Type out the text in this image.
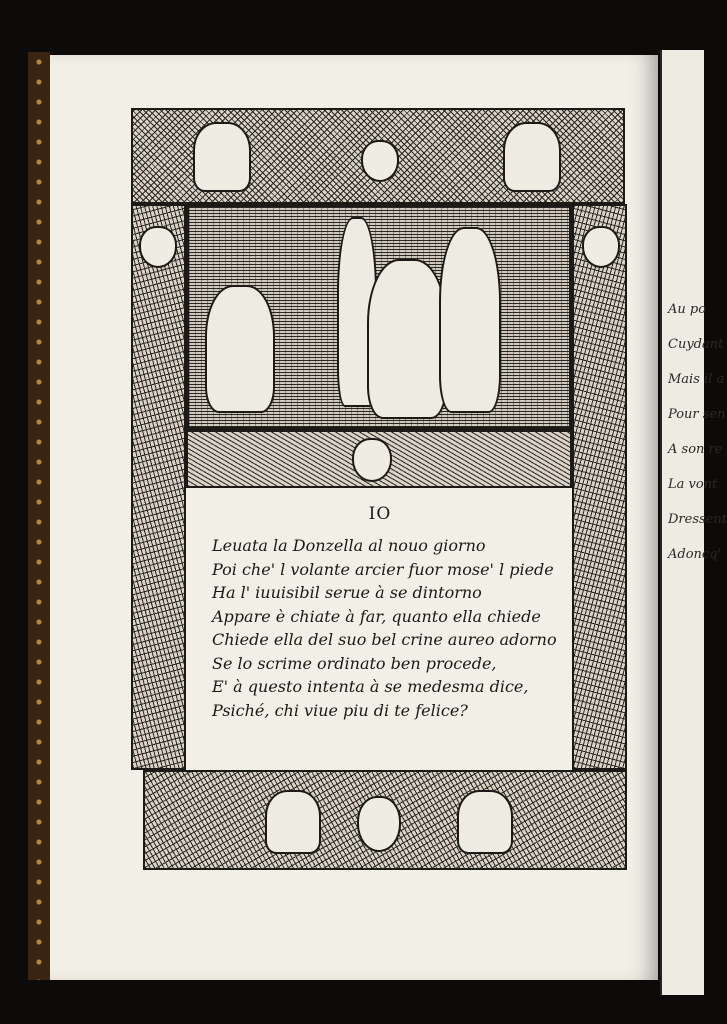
Au po
Cuydant
Mais il a
Pour sen
A son re
La vont
Dressent
Adoncq'
IO
Leuata la Donzella al nouo giorno
Poi che' l volante arcier fuor mose' l piede
Ha l' iuuisibil serue à se dintorno
Appare è chiate à far, quanto ella chiede
Chiede ella del suo bel crine aureo adorno
Se lo scrime ordinato ben procede,
E' à questo intenta à se medesma dice,
Psiché, chi viue piu di te felice?
